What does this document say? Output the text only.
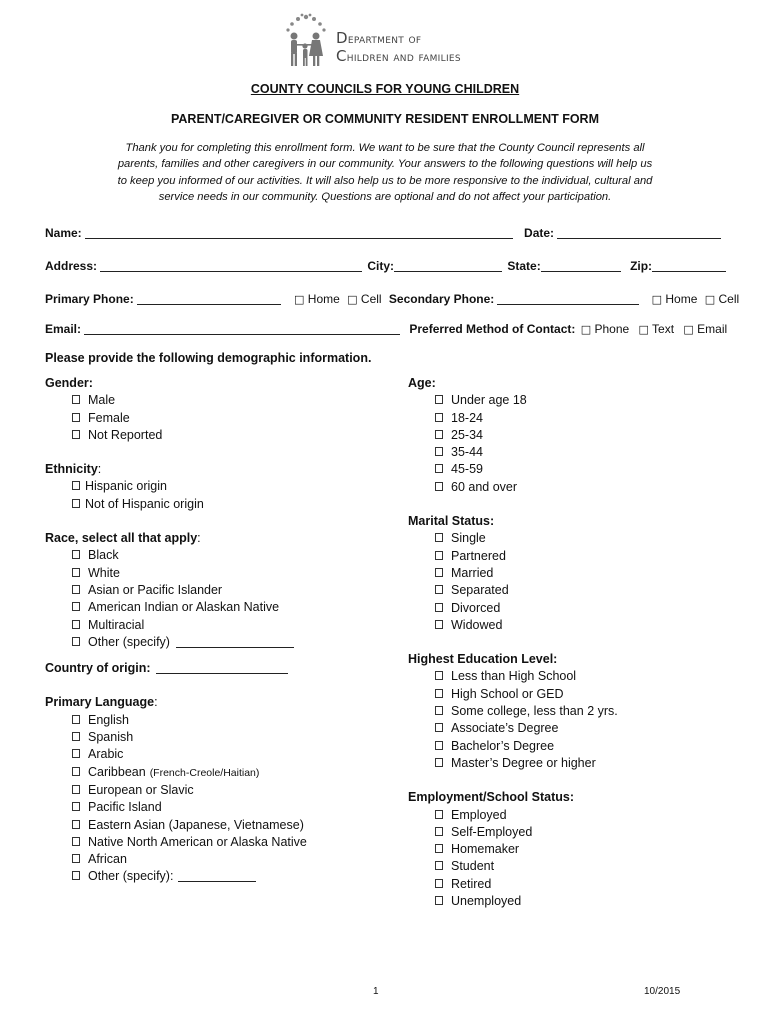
Department of
Children and families
COUNTY COUNCILS FOR YOUNG CHILDREN
PARENT/CAREGIVER OR COMMUNITY RESIDENT ENROLLMENT FORM
Thank you for completing this enrollment form. We want to be sure that the County Council represents all parents, families and other caregivers in our community. Your answers to the following questions will help us to keep you informed of our activities. It will also help us to be more responsive to the individual, cultural and service needs in our community. Questions are optional and do not affect your participation.
Name:	Date:
Address:	City:	State:	Zip:
Primary Phone:	□ Home □ Cell Secondary Phone:	□ Home □ Cell
Email:	Preferred Method of Contact: □ Phone □ Text □ Email
Please provide the following demographic information.
Gender:
Male
Female
Not Reported
Ethnicity:
Hispanic origin
Not of Hispanic origin
Race, select all that apply:
Black
White
Asian or Pacific Islander
American Indian or Alaskan Native
Multiracial
Other (specify)
Country of origin:
Primary Language:
English
Spanish
Arabic
Caribbean (French-Creole/Haitian)
European or Slavic
Pacific Island
Eastern Asian (Japanese, Vietnamese)
Native North American or Alaska Native
African
Other (specify):
Age:
Under age 18
18-24
25-34
35-44
45-59
60 and over
Marital Status:
Single
Partnered
Married
Separated
Divorced
Widowed
Highest Education Level:
Less than High School
High School or GED
Some college, less than 2 yrs.
Associate’s Degree
Bachelor’s Degree
Master’s Degree or higher
Employment/School Status:
Employed
Self-Employed
Homemaker
Student
Retired
Unemployed
1	10/2015
